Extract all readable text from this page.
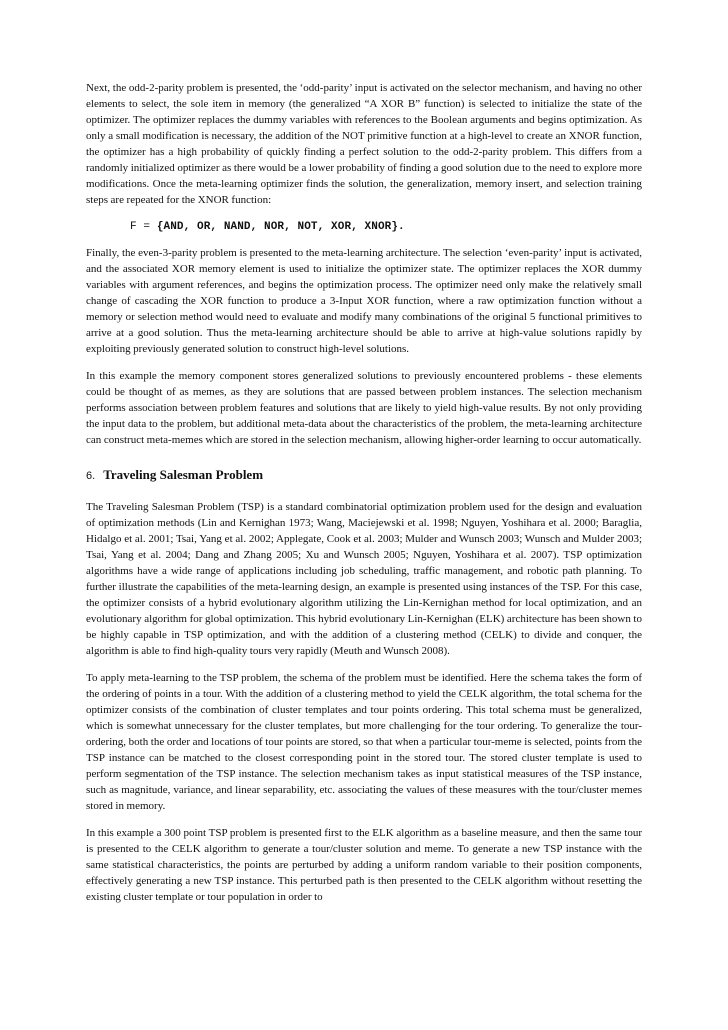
Next, the odd-2-parity problem is presented, the ‘odd-parity’ input is activated on the selector mechanism, and having no other elements to select, the sole item in memory (the generalized “A XOR B” function) is selected to initialize the state of the optimizer. The optimizer replaces the dummy variables with references to the Boolean arguments and begins optimization. As only a small modification is necessary, the addition of the NOT primitive function at a high-level to create an XNOR function, the optimizer has a high probability of quickly finding a perfect solution to the odd-2-parity problem. This differs from a randomly initialized optimizer as there would be a lower probability of finding a good solution due to the need to explore more modifications. Once the meta-learning optimizer finds the solution, the generalization, memory insert, and selection training steps are repeated for the XNOR function:

F = {AND, OR, NAND, NOR, NOT, XOR, XNOR}.

Finally, the even-3-parity problem is presented to the meta-learning architecture. The selection ‘even-parity’ input is activated, and the associated XOR memory element is used to initialize the optimizer state. The optimizer replaces the XOR dummy variables with argument references, and begins the optimization process. The optimizer need only make the relatively small change of cascading the XOR function to produce a 3-Input XOR function, where a raw optimization function without a memory or selection method would need to evaluate and modify many combinations of the original 5 functional primitives to arrive at a good solution. Thus the meta-learning architecture should be able to arrive at high-value solutions rapidly by exploiting previously generated solution to construct high-level solutions.

In this example the memory component stores generalized solutions to previously encountered problems - these elements could be thought of as memes, as they are solutions that are passed between problem instances. The selection mechanism performs association between problem features and solutions that are likely to yield high-value results. By not only providing the input data to the problem, but additional meta-data about the characteristics of the problem, the meta-learning architecture can construct meta-memes which are stored in the selection mechanism, allowing higher-order learning to occur automatically.

6. Traveling Salesman Problem

The Traveling Salesman Problem (TSP) is a standard combinatorial optimization problem used for the design and evaluation of optimization methods (Lin and Kernighan 1973; Wang, Maciejewski et al. 1998; Nguyen, Yoshihara et al. 2000; Baraglia, Hidalgo et al. 2001; Tsai, Yang et al. 2002; Applegate, Cook et al. 2003; Mulder and Wunsch 2003; Wunsch and Mulder 2003; Tsai, Yang et al. 2004; Dang and Zhang 2005; Xu and Wunsch 2005; Nguyen, Yoshihara et al. 2007). TSP optimization algorithms have a wide range of applications including job scheduling, traffic management, and robotic path planning. To further illustrate the capabilities of the meta-learning design, an example is presented using instances of the TSP. For this case, the optimizer consists of a hybrid evolutionary algorithm utilizing the Lin-Kernighan method for local optimization, and an evolutionary algorithm for global optimization. This hybrid evolutionary Lin-Kernighan (ELK) architecture has been shown to be highly capable in TSP optimization, and with the addition of a clustering method (CELK) to divide and conquer, the algorithm is able to find high-quality tours very rapidly (Meuth and Wunsch 2008).

To apply meta-learning to the TSP problem, the schema of the problem must be identified. Here the schema takes the form of the ordering of points in a tour. With the addition of a clustering method to yield the CELK algorithm, the total schema for the optimizer consists of the combination of cluster templates and tour points ordering. This total schema must be generalized, which is somewhat unnecessary for the cluster templates, but more challenging for the tour ordering. To generalize the tour-ordering, both the order and locations of tour points are stored, so that when a particular tour-meme is selected, points from the TSP instance can be matched to the closest corresponding point in the stored tour. The stored cluster template is used to perform segmentation of the TSP instance. The selection mechanism takes as input statistical measures of the TSP instance, such as magnitude, variance, and linear separability, etc. associating the values of these measures with the tour/cluster memes stored in memory.

In this example a 300 point TSP problem is presented first to the ELK algorithm as a baseline measure, and then the same tour is presented to the CELK algorithm to generate a tour/cluster solution and meme. To generate a new TSP instance with the same statistical characteristics, the points are perturbed by adding a uniform random variable to their position components, effectively generating a new TSP instance. This perturbed path is then presented to the CELK algorithm without resetting the existing cluster template or tour population in order to
